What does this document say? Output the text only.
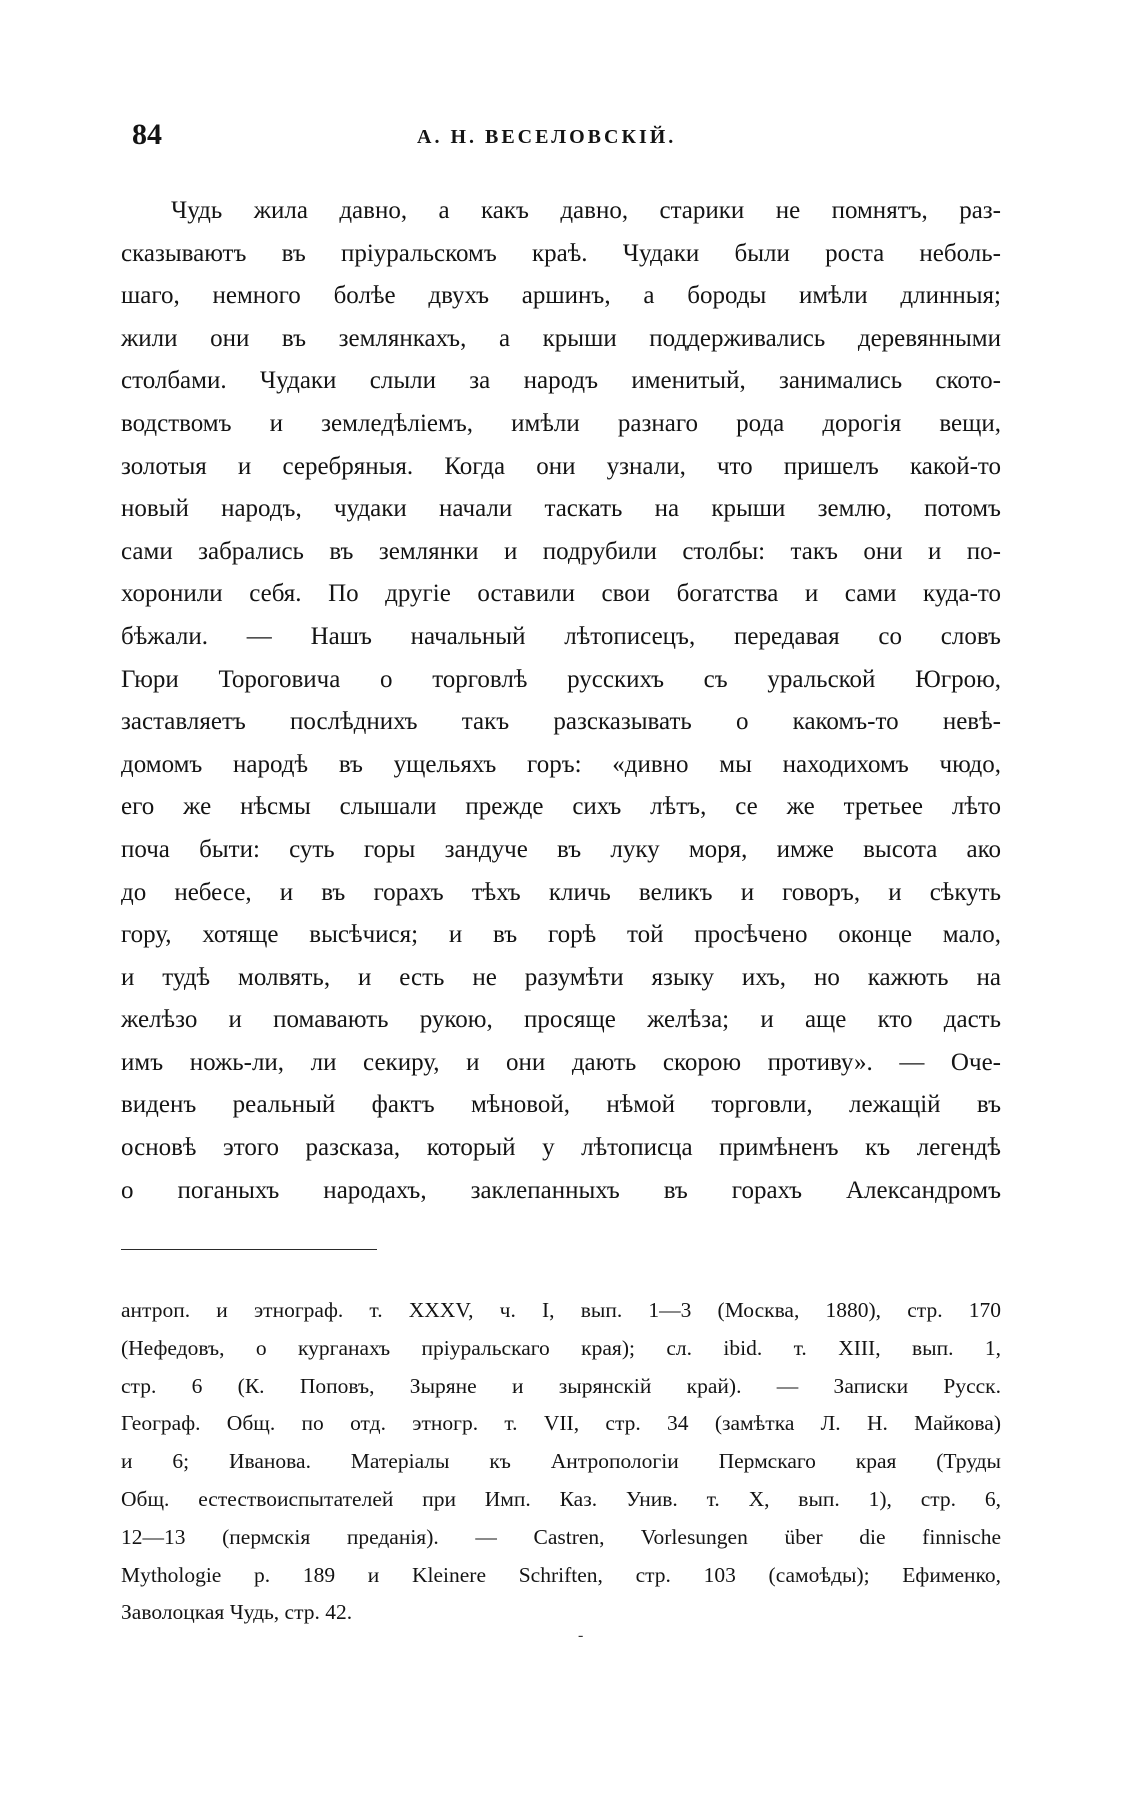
84	А. Н. ВЕСЕЛОВСКІЙ.
Чудь жила давно, а какъ давно, старики не помнятъ, раз-
сказываютъ въ пріуральскомъ краѣ. Чудаки были роста неболь-
шаго, немного болѣе двухъ аршинъ, а бороды имѣли длинныя;
жили они въ землянкахъ, а крыши поддерживались деревянными
столбами. Чудаки слыли за народъ именитый, занимались ското-
водствомъ и земледѣліемъ, имѣли разнаго рода дорогія вещи,
золотыя и серебряныя. Когда они узнали, что пришелъ какой-то
новый народъ, чудаки начали таскать на крыши землю, потомъ
сами забрались въ землянки и подрубили столбы: такъ они и по-
хоронили себя. По другіе оставили свои богатства и сами куда-то
бѣжали. — Нашъ начальный лѣтописецъ, передавая со словъ
Гюри Тороговича о торговлѣ русскихъ съ уральской Югрою,
заставляетъ послѣднихъ такъ разсказывать о какомъ-то невѣ-
домомъ народѣ въ ущельяхъ горъ: «дивно мы находихомъ чюдо,
его же нѣсмы слышали прежде сихъ лѣтъ, се же третьее лѣто
поча быти: суть горы зандуче въ луку моря, имже высота ако
до небесе, и въ горахъ тѣхъ кличь великъ и говоръ, и сѣкуть
гору, хотяще высѣчися; и въ горѣ той просѣчено оконце мало,
и тудѣ молвять, и есть не разумѣти языку ихъ, но кажють на
желѣзо и помавають рукою, просяще желѣза; и аще кто дасть
имъ ножь-ли, ли секиру, и они дають скорою противу». — Оче-
виденъ реальный фактъ мѣновой, нѣмой торговли, лежащій въ
основѣ этого разсказа, который у лѣтописца примѣненъ къ легендѣ
о поганыхъ народахъ, заклепанныхъ въ горахъ Александромъ
антроп. и этнограф. т. XXXV, ч. I, вып. 1—3 (Москва, 1880), стр. 170
(Нефедовъ, о курганахъ пріуральскаго края); сл. ibid. т. XIII, вып. 1,
стр. 6 (К. Поповъ, Зыряне и зырянскій край). — Записки Русск.
Географ. Общ. по отд. этногр. т. VII, стр. 34 (замѣтка Л. Н. Майкова)
и 6; Иванова. Матеріалы къ Антропологіи Пермскаго края (Труды
Общ. естествоиспытателей при Имп. Каз. Унив. т. X, вып. 1), стр. 6,
12—13 (пермскія преданія). — Castren, Vorlesungen über die finnische
Mythologie p. 189 и Kleinere Schriften, стр. 103 (самоѣды); Ефименко,
Заволоцкая Чудь, стр. 42.
-
